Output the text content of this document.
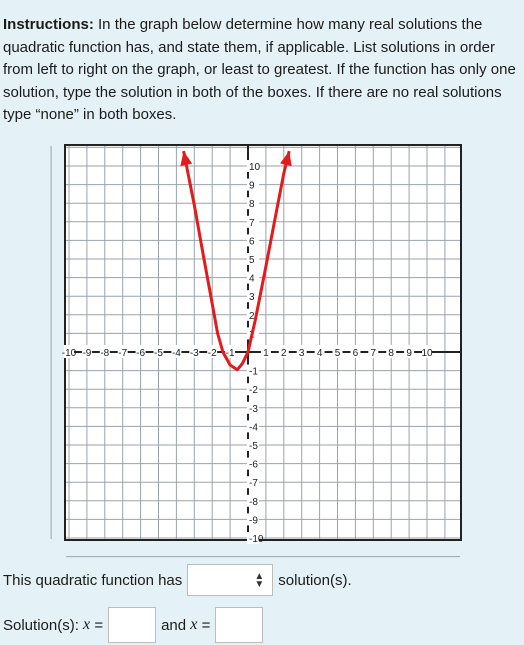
Instructions: In the graph below determine how many real solutions the quadratic function has, and state them, if applicable. List solutions in order from left to right on the graph, or least to greatest. If the function has only one solution, type the solution in both of the boxes. If there are no real solutions type “none” in both boxes.

-10 -9 -8 -7 -6 -5 -4 -3 -2 -1	1 2 3 4 5 6 7 8 9 10
-10
-9
-8
-7
-6
-5
-4
-3
-2
-1
1
2
3
4
5
6
7
8
9
10
This quadratic function has	▲
▼ solution(s).
Solution(s):
x
=	and
x
=
